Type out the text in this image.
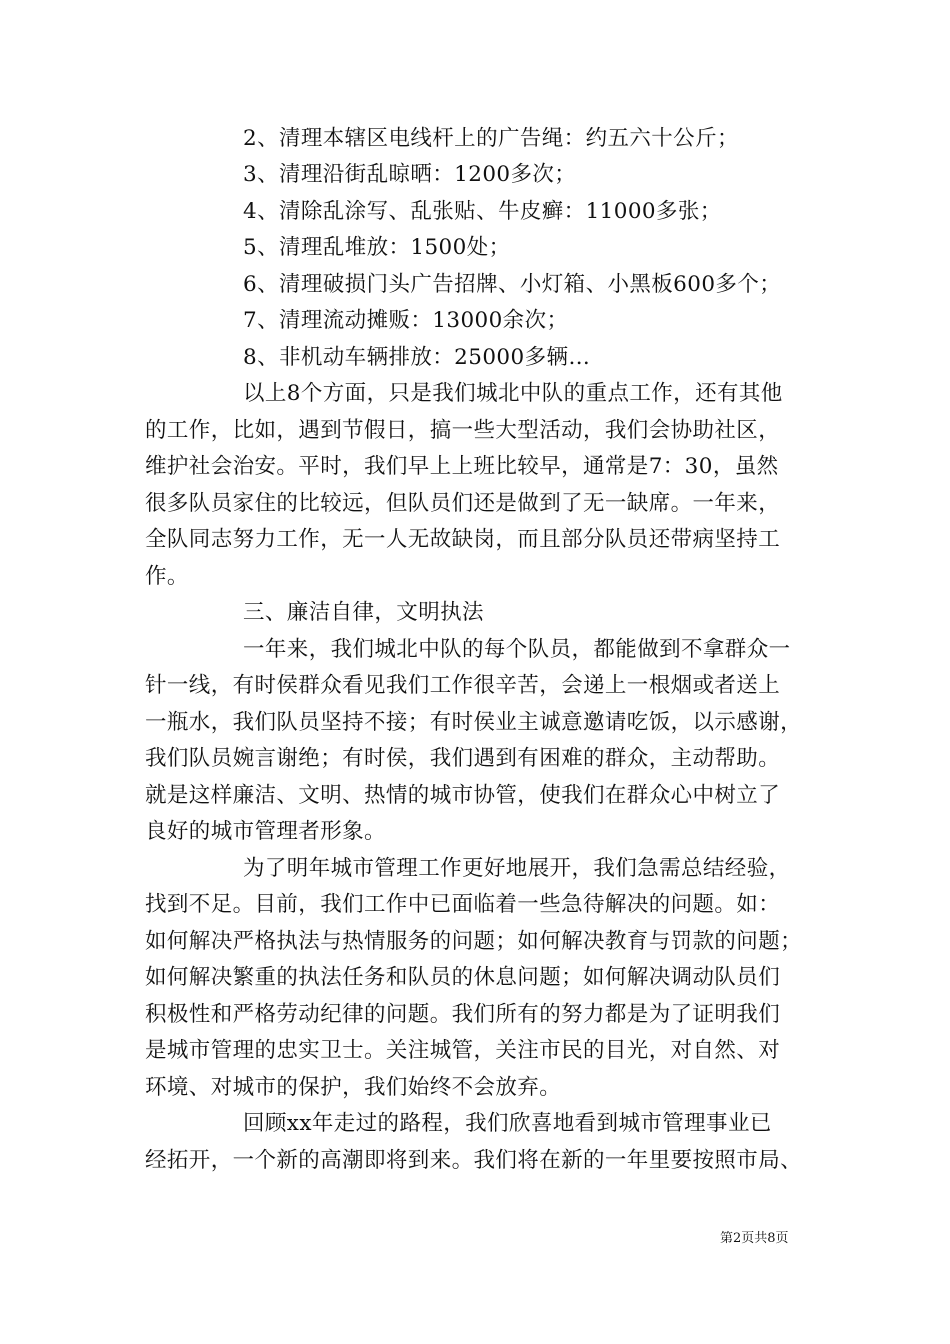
2、清理本辖区电线杆上的广告绳：约五六十公斤；
3、清理沿街乱晾晒：1200多次；
4、清除乱涂写、乱张贴、牛皮癣：11000多张；
5、清理乱堆放：1500处；
6、清理破损门头广告招牌、小灯箱、小黑板600多个；
7、清理流动摊贩：13000余次；
8、非机动车辆排放：25000多辆…
以上8个方面，只是我们城北中队的重点工作，还有其他
的工作，比如，遇到节假日，搞一些大型活动，我们会协助社区，
维护社会治安。平时，我们早上上班比较早，通常是7：30，虽然
很多队员家住的比较远，但队员们还是做到了无一缺席。一年来，
全队同志努力工作，无一人无故缺岗，而且部分队员还带病坚持工
作。
三、廉洁自律，文明执法
一年来，我们城北中队的每个队员，都能做到不拿群众一
针一线，有时侯群众看见我们工作很辛苦，会递上一根烟或者送上
一瓶水，我们队员坚持不接；有时侯业主诚意邀请吃饭，以示感谢，
我们队员婉言谢绝；有时侯，我们遇到有困难的群众，主动帮助。
就是这样廉洁、文明、热情的城市协管，使我们在群众心中树立了
良好的城市管理者形象。
为了明年城市管理工作更好地展开，我们急需总结经验，
找到不足。目前，我们工作中已面临着一些急待解决的问题。如：
如何解决严格执法与热情服务的问题；如何解决教育与罚款的问题；
如何解决繁重的执法任务和队员的休息问题；如何解决调动队员们
积极性和严格劳动纪律的问题。我们所有的努力都是为了证明我们
是城市管理的忠实卫士。关注城管，关注市民的目光，对自然、对
环境、对城市的保护，我们始终不会放弃。
回顾xx年走过的路程，我们欣喜地看到城市管理事业已
经拓开，一个新的高潮即将到来。我们将在新的一年里要按照市局、
第2页共8页
